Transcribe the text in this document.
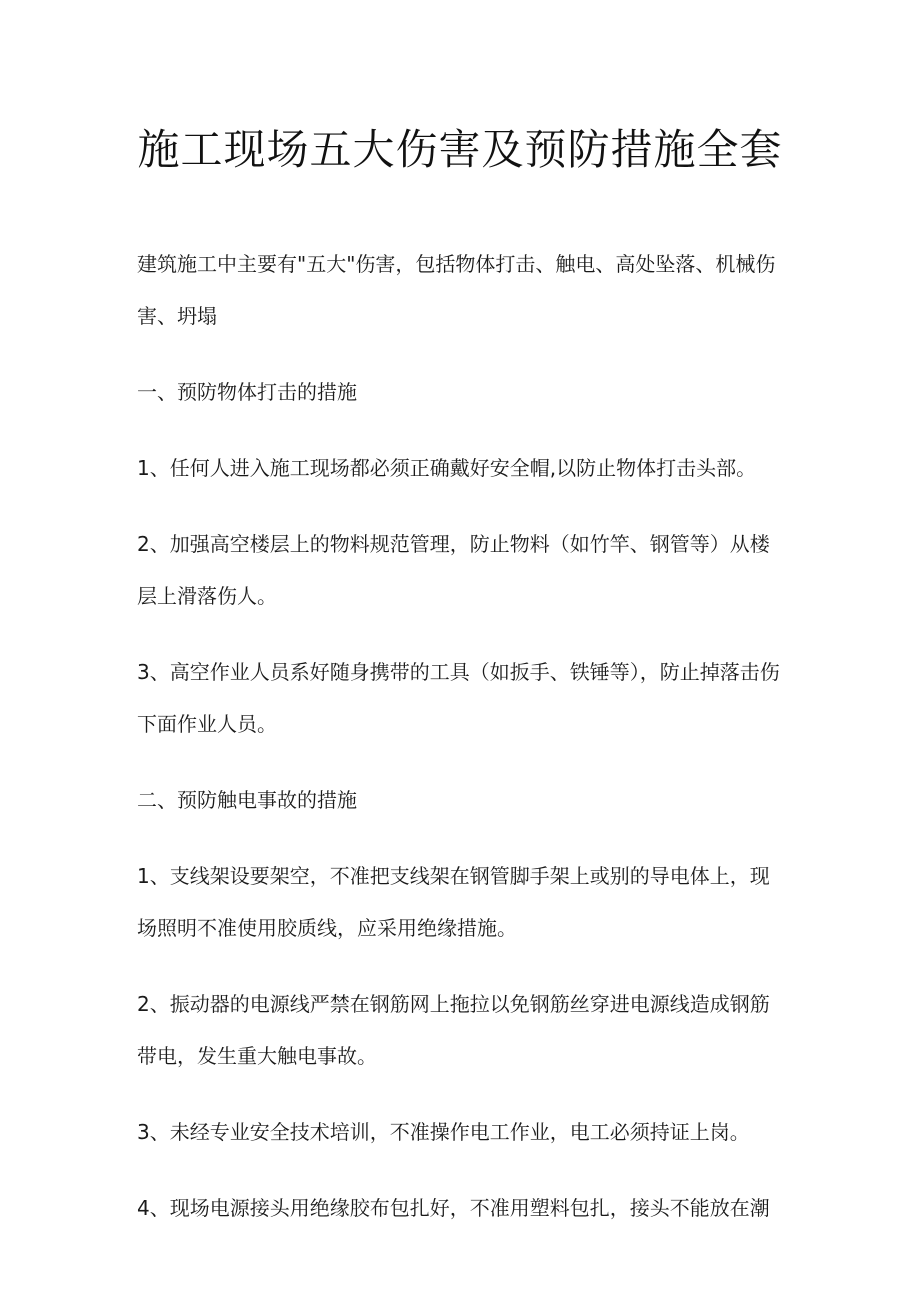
施工现场五大伤害及预防措施全套

建筑施工中主要有"五大"伤害，包括物体打击、触电、高处坠落、机械伤害、坍塌

一、预防物体打击的措施

1、任何人进入施工现场都必须正确戴好安全帽,以防止物体打击头部。

2、加强高空楼层上的物料规范管理，防止物料（如竹竿、钢管等）从楼层上滑落伤人。

3、高空作业人员系好随身携带的工具（如扳手、铁锤等），防止掉落击伤下面作业人员。

二、预防触电事故的措施

1、支线架设要架空，不准把支线架在钢管脚手架上或别的导电体上，现场照明不准使用胶质线，应采用绝缘措施。

2、振动器的电源线严禁在钢筋网上拖拉以免钢筋丝穿进电源线造成钢筋带电，发生重大触电事故。

3、未经专业安全技术培训，不准操作电工作业，电工必须持证上岗。

4、现场电源接头用绝缘胶布包扎好，不准用塑料包扎，接头不能放在潮
